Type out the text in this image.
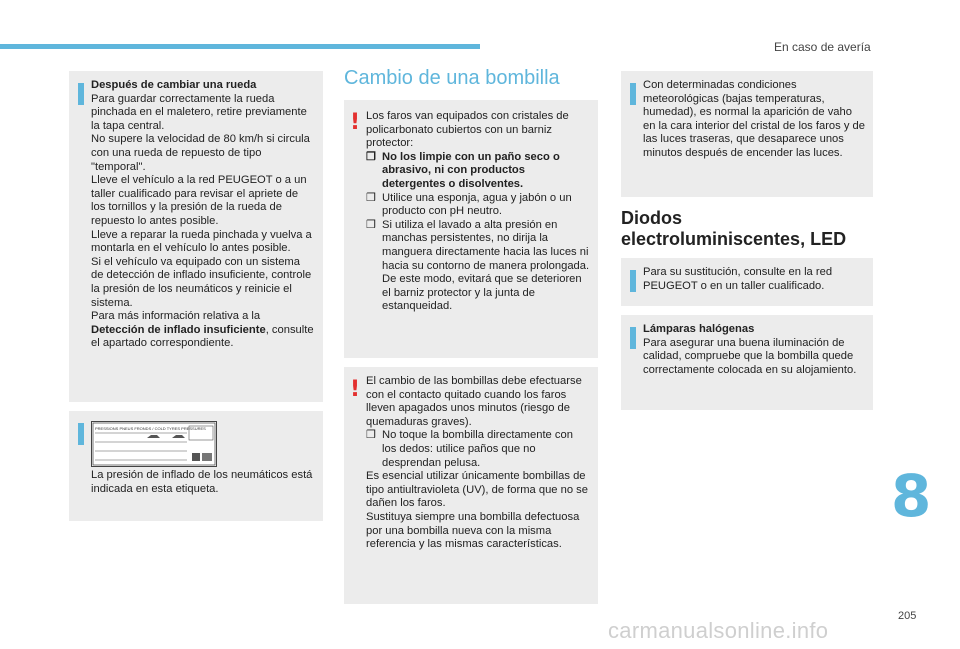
En caso de avería

Después de cambiar una rueda

Para guardar correctamente la rueda pinchada en el maletero, retire previamente la tapa central.

No supere la velocidad de 80 km/h si circula con una rueda de repuesto de tipo "temporal".

Lleve el vehículo a la red PEUGEOT o a un taller cualificado para revisar el apriete de los tornillos y la presión de la rueda de repuesto lo antes posible.

Lleve a reparar la rueda pinchada y vuelva a montarla en el vehículo lo antes posible.

Si el vehículo va equipado con un sistema de detección de inflado insuficiente, controle la presión de los neumáticos y reinicie el sistema.

Para más información relativa a la Detección de inflado insuficiente, consulte el apartado correspondiente.

PRESSIONS PNEUS FRONDS / COLD TYRES PRESSURES

La presión de inflado de los neumáticos está indicada en esta etiqueta.

Cambio de una bombilla
! Los faros van equipados con cristales de policarbonato cubiertos con un barniz protector:

❒ No los limpie con un paño seco o abrasivo, ni con productos detergentes o disolventes.

❒ Utilice una esponja, agua y jabón o un producto con pH neutro.

❒ Si utiliza el lavado a alta presión en manchas persistentes, no dirija la manguera directamente hacia las luces ni hacia su contorno de manera prolongada. De este modo, evitará que se deterioren el barniz protector y la junta de estanqueidad.

! El cambio de las bombillas debe efectuarse con el contacto quitado cuando los faros lleven apagados unos minutos (riesgo de quemaduras graves).

❒ No toque la bombilla directamente con los dedos: utilice paños que no desprendan pelusa.

Es esencial utilizar únicamente bombillas de tipo antiultravioleta (UV), de forma que no se dañen los faros.

Sustituya siempre una bombilla defectuosa por una bombilla nueva con la misma referencia y las mismas características.

Con determinadas condiciones meteorológicas (bajas temperaturas, humedad), es normal la aparición de vaho en la cara interior del cristal de los faros y de las luces traseras, que desaparece unos minutos después de encender las luces.

Diodos electroluminiscentes, LED

Para su sustitución, consulte en la red PEUGEOT o en un taller cualificado.

Lámparas halógenas

Para asegurar una buena iluminación de calidad, compruebe que la bombilla quede correctamente colocada en su alojamiento.

8
205
carmanualsonline.info
